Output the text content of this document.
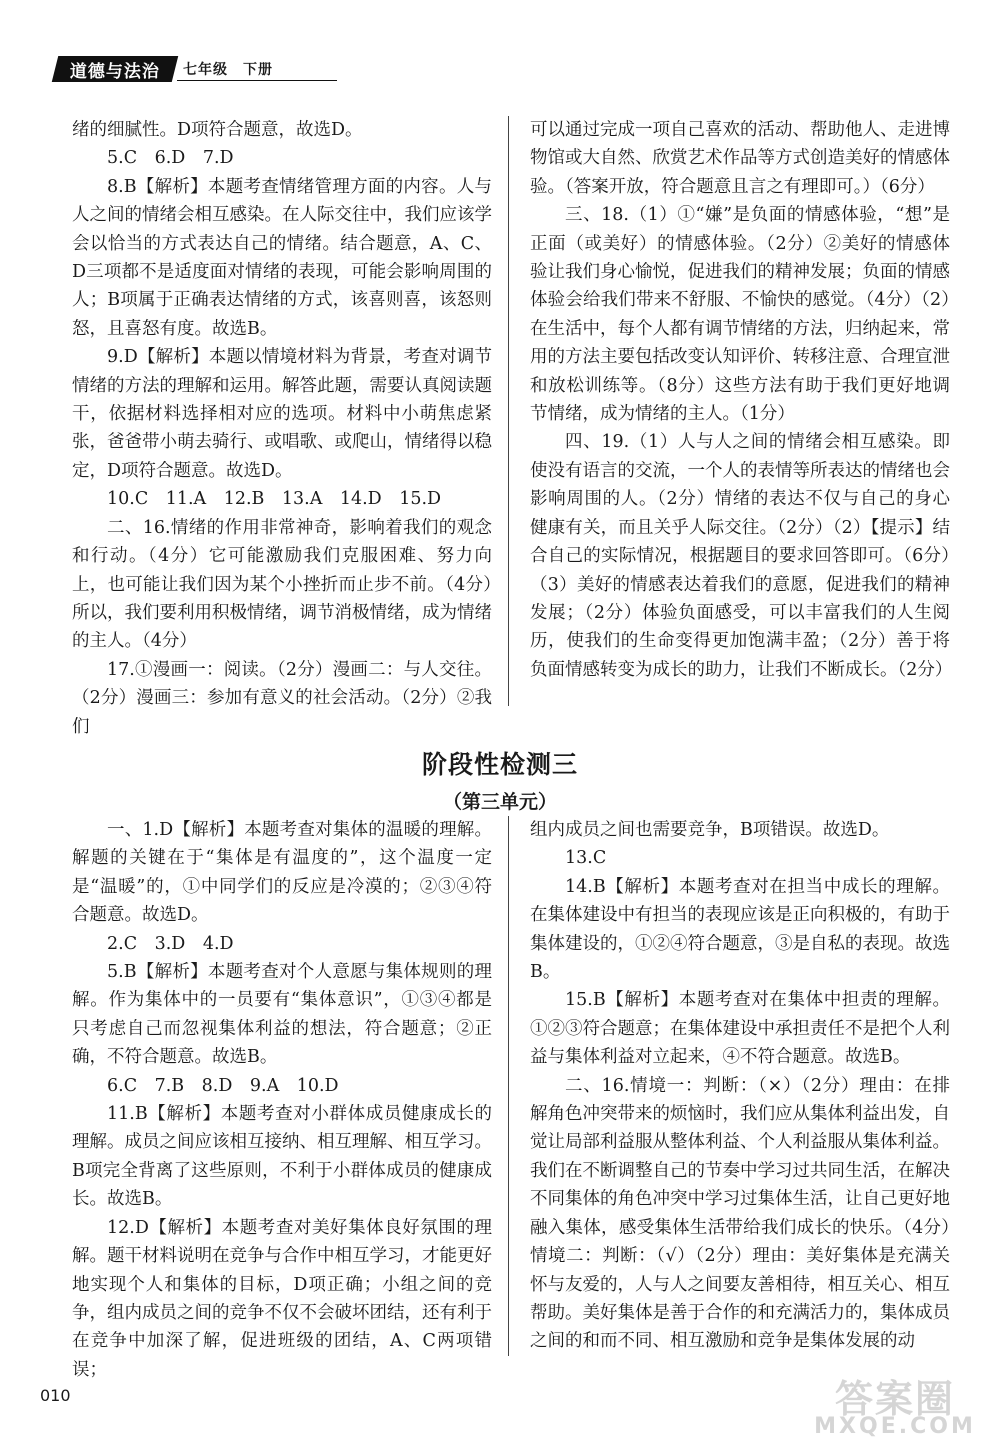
道德与法治 七年级　下册

绪的细腻性。D项符合题意，故选D。

5.C　6.D　7.D

8.B【解析】本题考查情绪管理方面的内容。人与人之间的情绪会相互感染。在人际交往中，我们应该学会以恰当的方式表达自己的情绪。结合题意，A、C、D三项都不是适度面对情绪的表现，可能会影响周围的人；B项属于正确表达情绪的方式，该喜则喜，该怒则怒，且喜怒有度。故选B。

9.D【解析】本题以情境材料为背景，考查对调节情绪的方法的理解和运用。解答此题，需要认真阅读题干，依据材料选择相对应的选项。材料中小萌焦虑紧张，爸爸带小萌去骑行、或唱歌、或爬山，情绪得以稳定，D项符合题意。故选D。

10.C　11.A　12.B　13.A　14.D　15.D

二、16.情绪的作用非常神奇，影响着我们的观念和行动。（4分）它可能激励我们克服困难、努力向上，也可能让我们因为某个小挫折而止步不前。（4分）所以，我们要利用积极情绪，调节消极情绪，成为情绪的主人。（4分）

17.①漫画一：阅读。（2分）漫画二：与人交往。（2分）漫画三：参加有意义的社会活动。（2分）②我们

可以通过完成一项自己喜欢的活动、帮助他人、走进博物馆或大自然、欣赏艺术作品等方式创造美好的情感体验。（答案开放，符合题意且言之有理即可。）（6分）

三、18.（1）①“嫌”是负面的情感体验，“想”是正面（或美好）的情感体验。（2分）②美好的情感体验让我们身心愉悦，促进我们的精神发展；负面的情感体验会给我们带来不舒服、不愉快的感觉。（4分）（2）在生活中，每个人都有调节情绪的方法，归纳起来，常用的方法主要包括改变认知评价、转移注意、合理宣泄和放松训练等。（8分）这些方法有助于我们更好地调节情绪，成为情绪的主人。（1分）

四、19.（1）人与人之间的情绪会相互感染。即使没有语言的交流，一个人的表情等所表达的情绪也会影响周围的人。（2分）情绪的表达不仅与自己的身心健康有关，而且关乎人际交往。（2分）（2）【提示】结合自己的实际情况，根据题目的要求回答即可。（6分）（3）美好的情感表达着我们的意愿，促进我们的精神发展；（2分）体验负面感受，可以丰富我们的人生阅历，使我们的生命变得更加饱满丰盈；（2分）善于将负面情感转变为成长的助力，让我们不断成长。（2分）

阶段性检测三
（第三单元）

一、1.D【解析】本题考查对集体的温暖的理解。解题的关键在于“集体是有温度的”，这个温度一定是“温暖”的，①中同学们的反应是冷漠的；②③④符合题意。故选D。

2.C　3.D　4.D

5.B【解析】本题考查对个人意愿与集体规则的理解。作为集体中的一员要有“集体意识”，①③④都是只考虑自己而忽视集体利益的想法，符合题意；②正确，不符合题意。故选B。

6.C　7.B　8.D　9.A　10.D

11.B【解析】本题考查对小群体成员健康成长的理解。成员之间应该相互接纳、相互理解、相互学习。B项完全背离了这些原则，不利于小群体成员的健康成长。故选B。

12.D【解析】本题考查对美好集体良好氛围的理解。题干材料说明在竞争与合作中相互学习，才能更好地实现个人和集体的目标，D项正确；小组之间的竞争，组内成员之间的竞争不仅不会破坏团结，还有利于在竞争中加深了解，促进班级的团结，A、C两项错误；

组内成员之间也需要竞争，B项错误。故选D。

13.C

14.B【解析】本题考查对在担当中成长的理解。在集体建设中有担当的表现应该是正向积极的，有助于集体建设的，①②④符合题意，③是自私的表现。故选B。

15.B【解析】本题考查对在集体中担责的理解。①②③符合题意；在集体建设中承担责任不是把个人利益与集体利益对立起来，④不符合题意。故选B。

二、16.情境一：判断：（×）（2分）理由：在排解角色冲突带来的烦恼时，我们应从集体利益出发，自觉让局部利益服从整体利益、个人利益服从集体利益。我们在不断调整自己的节奏中学习过共同生活，在解决不同集体的角色冲突中学习过集体生活，让自己更好地融入集体，感受集体生活带给我们成长的快乐。（4分）情境二：判断：（√）（2分）理由：美好集体是充满关怀与友爱的，人与人之间要友善相待，相互关心、相互帮助。美好集体是善于合作的和充满活力的，集体成员之间的和而不同、相互激励和竞争是集体发展的动

010	答案圈
MXQE.COM
